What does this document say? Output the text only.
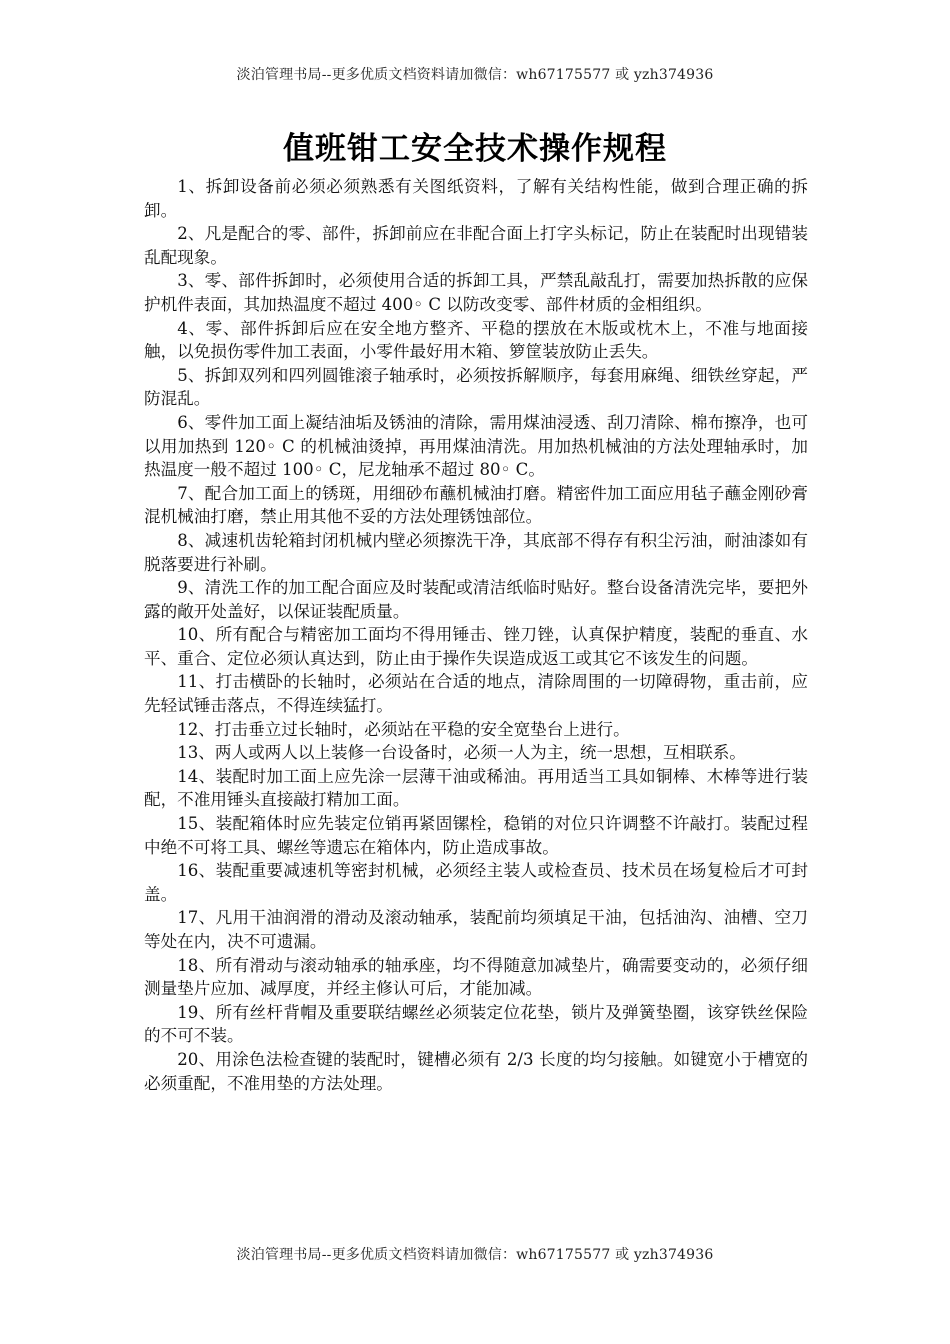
淡泊管理书局--更多优质文档资料请加微信：wh67175577 或 yzh374936
值班钳工安全技术操作规程

1、拆卸设备前必须必须熟悉有关图纸资料，了解有关结构性能，做到合理正确的拆卸。

2、凡是配合的零、部件，拆卸前应在非配合面上打字头标记，防止在装配时出现错装乱配现象。

3、零、部件拆卸时，必须使用合适的拆卸工具，严禁乱敲乱打，需要加热拆散的应保护机件表面，其加热温度不超过 400◦ C 以防改变零、部件材质的金相组织。

4、零、部件拆卸后应在安全地方整齐、平稳的摆放在木版或枕木上，不准与地面接触，以免损伤零件加工表面，小零件最好用木箱、箩筐装放防止丢失。

5、拆卸双列和四列圆锥滚子轴承时，必须按拆解顺序，每套用麻绳、细铁丝穿起，严防混乱。

6、零件加工面上凝结油垢及锈油的清除，需用煤油浸透、刮刀清除、棉布擦净，也可以用加热到 120◦ C 的机械油烫掉，再用煤油清洗。用加热机械油的方法处理轴承时，加热温度一般不超过 100◦ C，尼龙轴承不超过 80◦ C。

7、配合加工面上的锈斑，用细砂布蘸机械油打磨。精密件加工面应用毡子蘸金刚砂膏混机械油打磨，禁止用其他不妥的方法处理锈蚀部位。

8、减速机齿轮箱封闭机械内壁必须擦洗干净，其底部不得存有积尘污油，耐油漆如有脱落要进行补刷。

9、清洗工作的加工配合面应及时装配或清洁纸临时贴好。整台设备清洗完毕，要把外露的敞开处盖好，以保证装配质量。

10、所有配合与精密加工面均不得用锤击、锉刀锉，认真保护精度，装配的垂直、水平、重合、定位必须认真达到，防止由于操作失误造成返工或其它不该发生的问题。

11、打击横卧的长轴时，必须站在合适的地点，清除周围的一切障碍物，重击前，应先轻试锤击落点，不得连续猛打。

12、打击垂立过长轴时，必须站在平稳的安全宽垫台上进行。

13、两人或两人以上装修一台设备时，必须一人为主，统一思想，互相联系。

14、装配时加工面上应先涂一层薄干油或稀油。再用适当工具如铜棒、木棒等进行装配，不准用锤头直接敲打精加工面。

15、装配箱体时应先装定位销再紧固镙栓，稳销的对位只许调整不许敲打。装配过程中绝不可将工具、螺丝等遗忘在箱体内，防止造成事故。

16、装配重要减速机等密封机械，必须经主装人或检查员、技术员在场复检后才可封盖。

17、凡用干油润滑的滑动及滚动轴承，装配前均须填足干油，包括油沟、油槽、空刀等处在内，决不可遗漏。

18、所有滑动与滚动轴承的轴承座，均不得随意加减垫片，确需要变动的，必须仔细测量垫片应加、减厚度，并经主修认可后，才能加减。

19、所有丝杆背帽及重要联结螺丝必须装定位花垫，锁片及弹簧垫圈，该穿铁丝保险的不可不装。

20、用涂色法检查键的装配时，键槽必须有 2/3 长度的均匀接触。如键宽小于槽宽的必须重配，不准用垫的方法处理。

淡泊管理书局--更多优质文档资料请加微信：wh67175577 或 yzh374936
